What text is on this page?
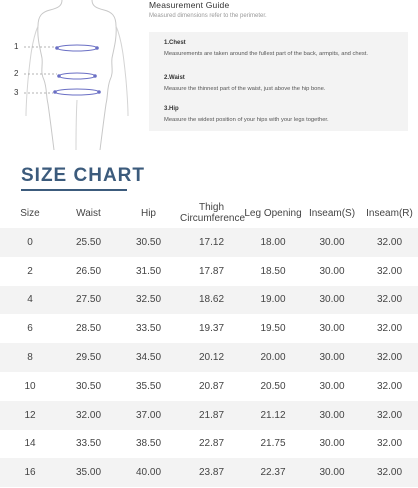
1
2
3
Measurement Guide
Measured dimensions refer to the perimeter.
1.Chest
Measurements are taken around the fullest part of the back, armpits, and chest.
2.Waist
Measure the thinnest part of the waist, just above the hip bone.
3.Hip
Measure the widest position of your hips with your legs together.
SIZE CHART
Size	Waist	Hip	Thigh Circumference	Leg Opening	Inseam(S)	Inseam(R)
0	25.50	30.50	17.12	18.00	30.00	32.00
2	26.50	31.50	17.87	18.50	30.00	32.00
4	27.50	32.50	18.62	19.00	30.00	32.00
6	28.50	33.50	19.37	19.50	30.00	32.00
8	29.50	34.50	20.12	20.00	30.00	32.00
10	30.50	35.50	20.87	20.50	30.00	32.00
12	32.00	37.00	21.87	21.12	30.00	32.00
14	33.50	38.50	22.87	21.75	30.00	32.00
16	35.00	40.00	23.87	22.37	30.00	32.00
